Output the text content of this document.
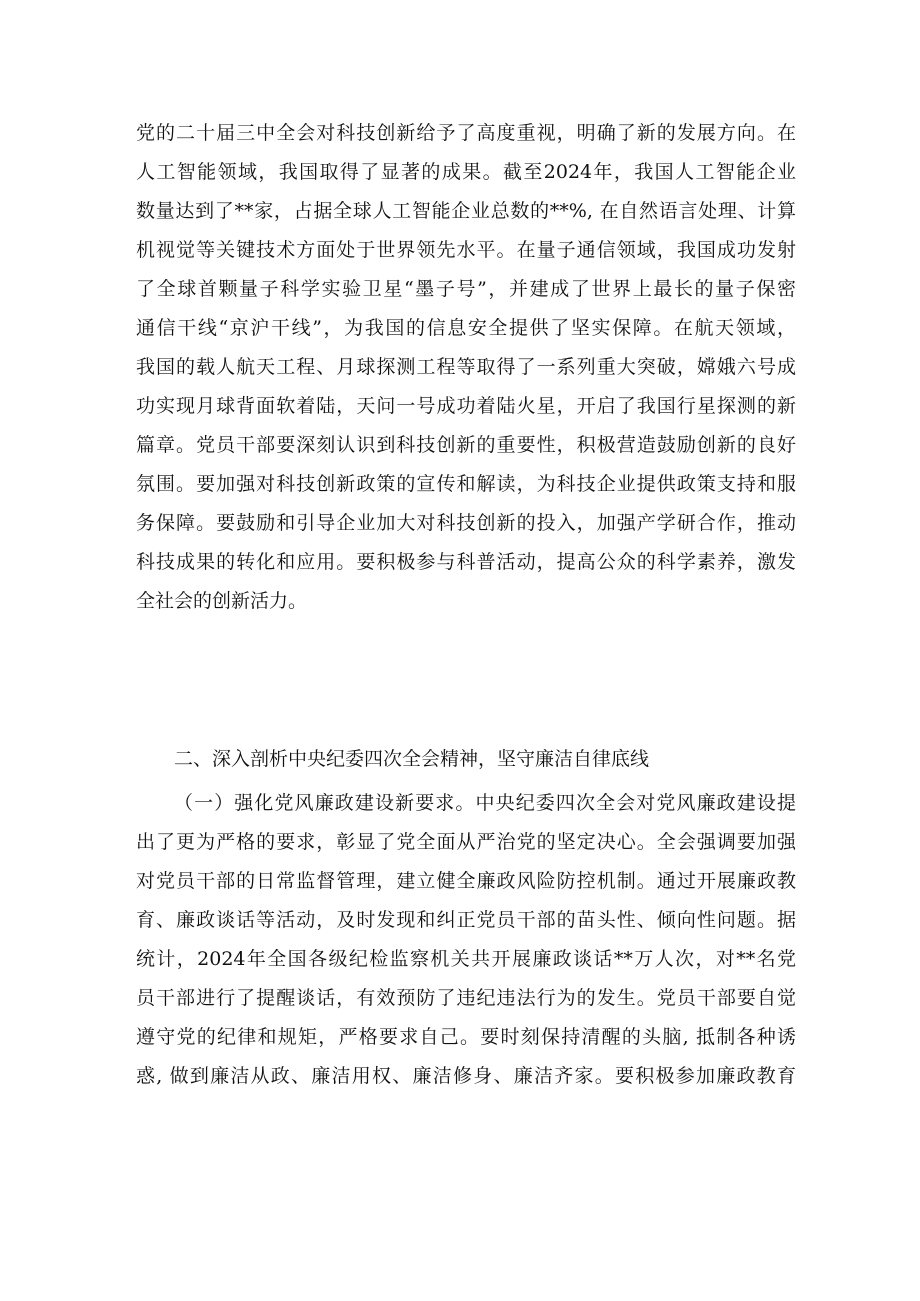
党的二十届三中全会对科技创新给予了高度重视，明确了新的发展方向。在
人工智能领域，我国取得了显著的成果。截至2024年，我国人工智能企业
数量达到了**家，占据全球人工智能企业总数的**%, 在自然语言处理、计算
机视觉等关键技术方面处于世界领先水平。在量子通信领域，我国成功发射
了全球首颗量子科学实验卫星“墨子号”，并建成了世界上最长的量子保密
通信干线“京沪干线”，为我国的信息安全提供了坚实保障。在航天领域，
我国的载人航天工程、月球探测工程等取得了一系列重大突破，嫦娥六号成
功实现月球背面软着陆，天问一号成功着陆火星，开启了我国行星探测的新
篇章。党员干部要深刻认识到科技创新的重要性，积极营造鼓励创新的良好
氛围。要加强对科技创新政策的宣传和解读，为科技企业提供政策支持和服
务保障。要鼓励和引导企业加大对科技创新的投入，加强产学研合作，推动
科技成果的转化和应用。要积极参与科普活动，提高公众的科学素养，激发
全社会的创新活力。
二、深入剖析中央纪委四次全会精神，坚守廉洁自律底线
（一）强化党风廉政建设新要求。中央纪委四次全会对党风廉政建设提
出了更为严格的要求，彰显了党全面从严治党的坚定决心。全会强调要加强
对党员干部的日常监督管理，建立健全廉政风险防控机制。通过开展廉政教
育、廉政谈话等活动，及时发现和纠正党员干部的苗头性、倾向性问题。据
统计，2024年全国各级纪检监察机关共开展廉政谈话**万人次，对**名党
员干部进行了提醒谈话，有效预防了违纪违法行为的发生。党员干部要自觉
遵守党的纪律和规矩，严格要求自己。要时刻保持清醒的头脑, 抵制各种诱
惑, 做到廉洁从政、廉洁用权、廉洁修身、廉洁齐家。要积极参加廉政教育
